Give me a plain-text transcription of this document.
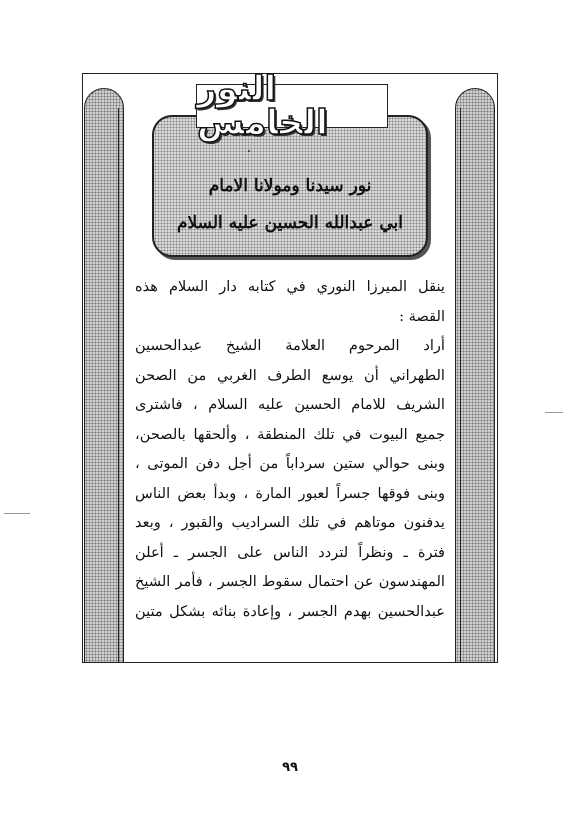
النور الخامس
نور سيدنا ومولانا الامام
ابي عبدالله الحسين عليه السلام
ينقل الميرزا النوري في كتابه دار السلام هذه
القصة :
أراد المرحوم العلامة الشيخ عبدالحسين
الطهراني أن يوسع الطرف الغربي من الصحن
الشريف للامام الحسين عليه السلام ، فاشترى
جميع البيوت في تلك المنطقة ، وألحقها بالصحن،
وبنى حوالي ستين سرداباً من أجل دفن الموتى ،
وبنى فوقها جسراً لعبور المارة ، وبدأ بعض الناس
يدفنون موتاهم في تلك السراديب والقبور ، وبعد
فترة ـ ونظراً لتردد الناس على الجسر ـ أعلن
المهندسون عن احتمال سقوط الجسر ، فأمر الشيخ
عبدالحسين بهدم الجسر ، وإعادة بنائه بشكل متين
٩٩
